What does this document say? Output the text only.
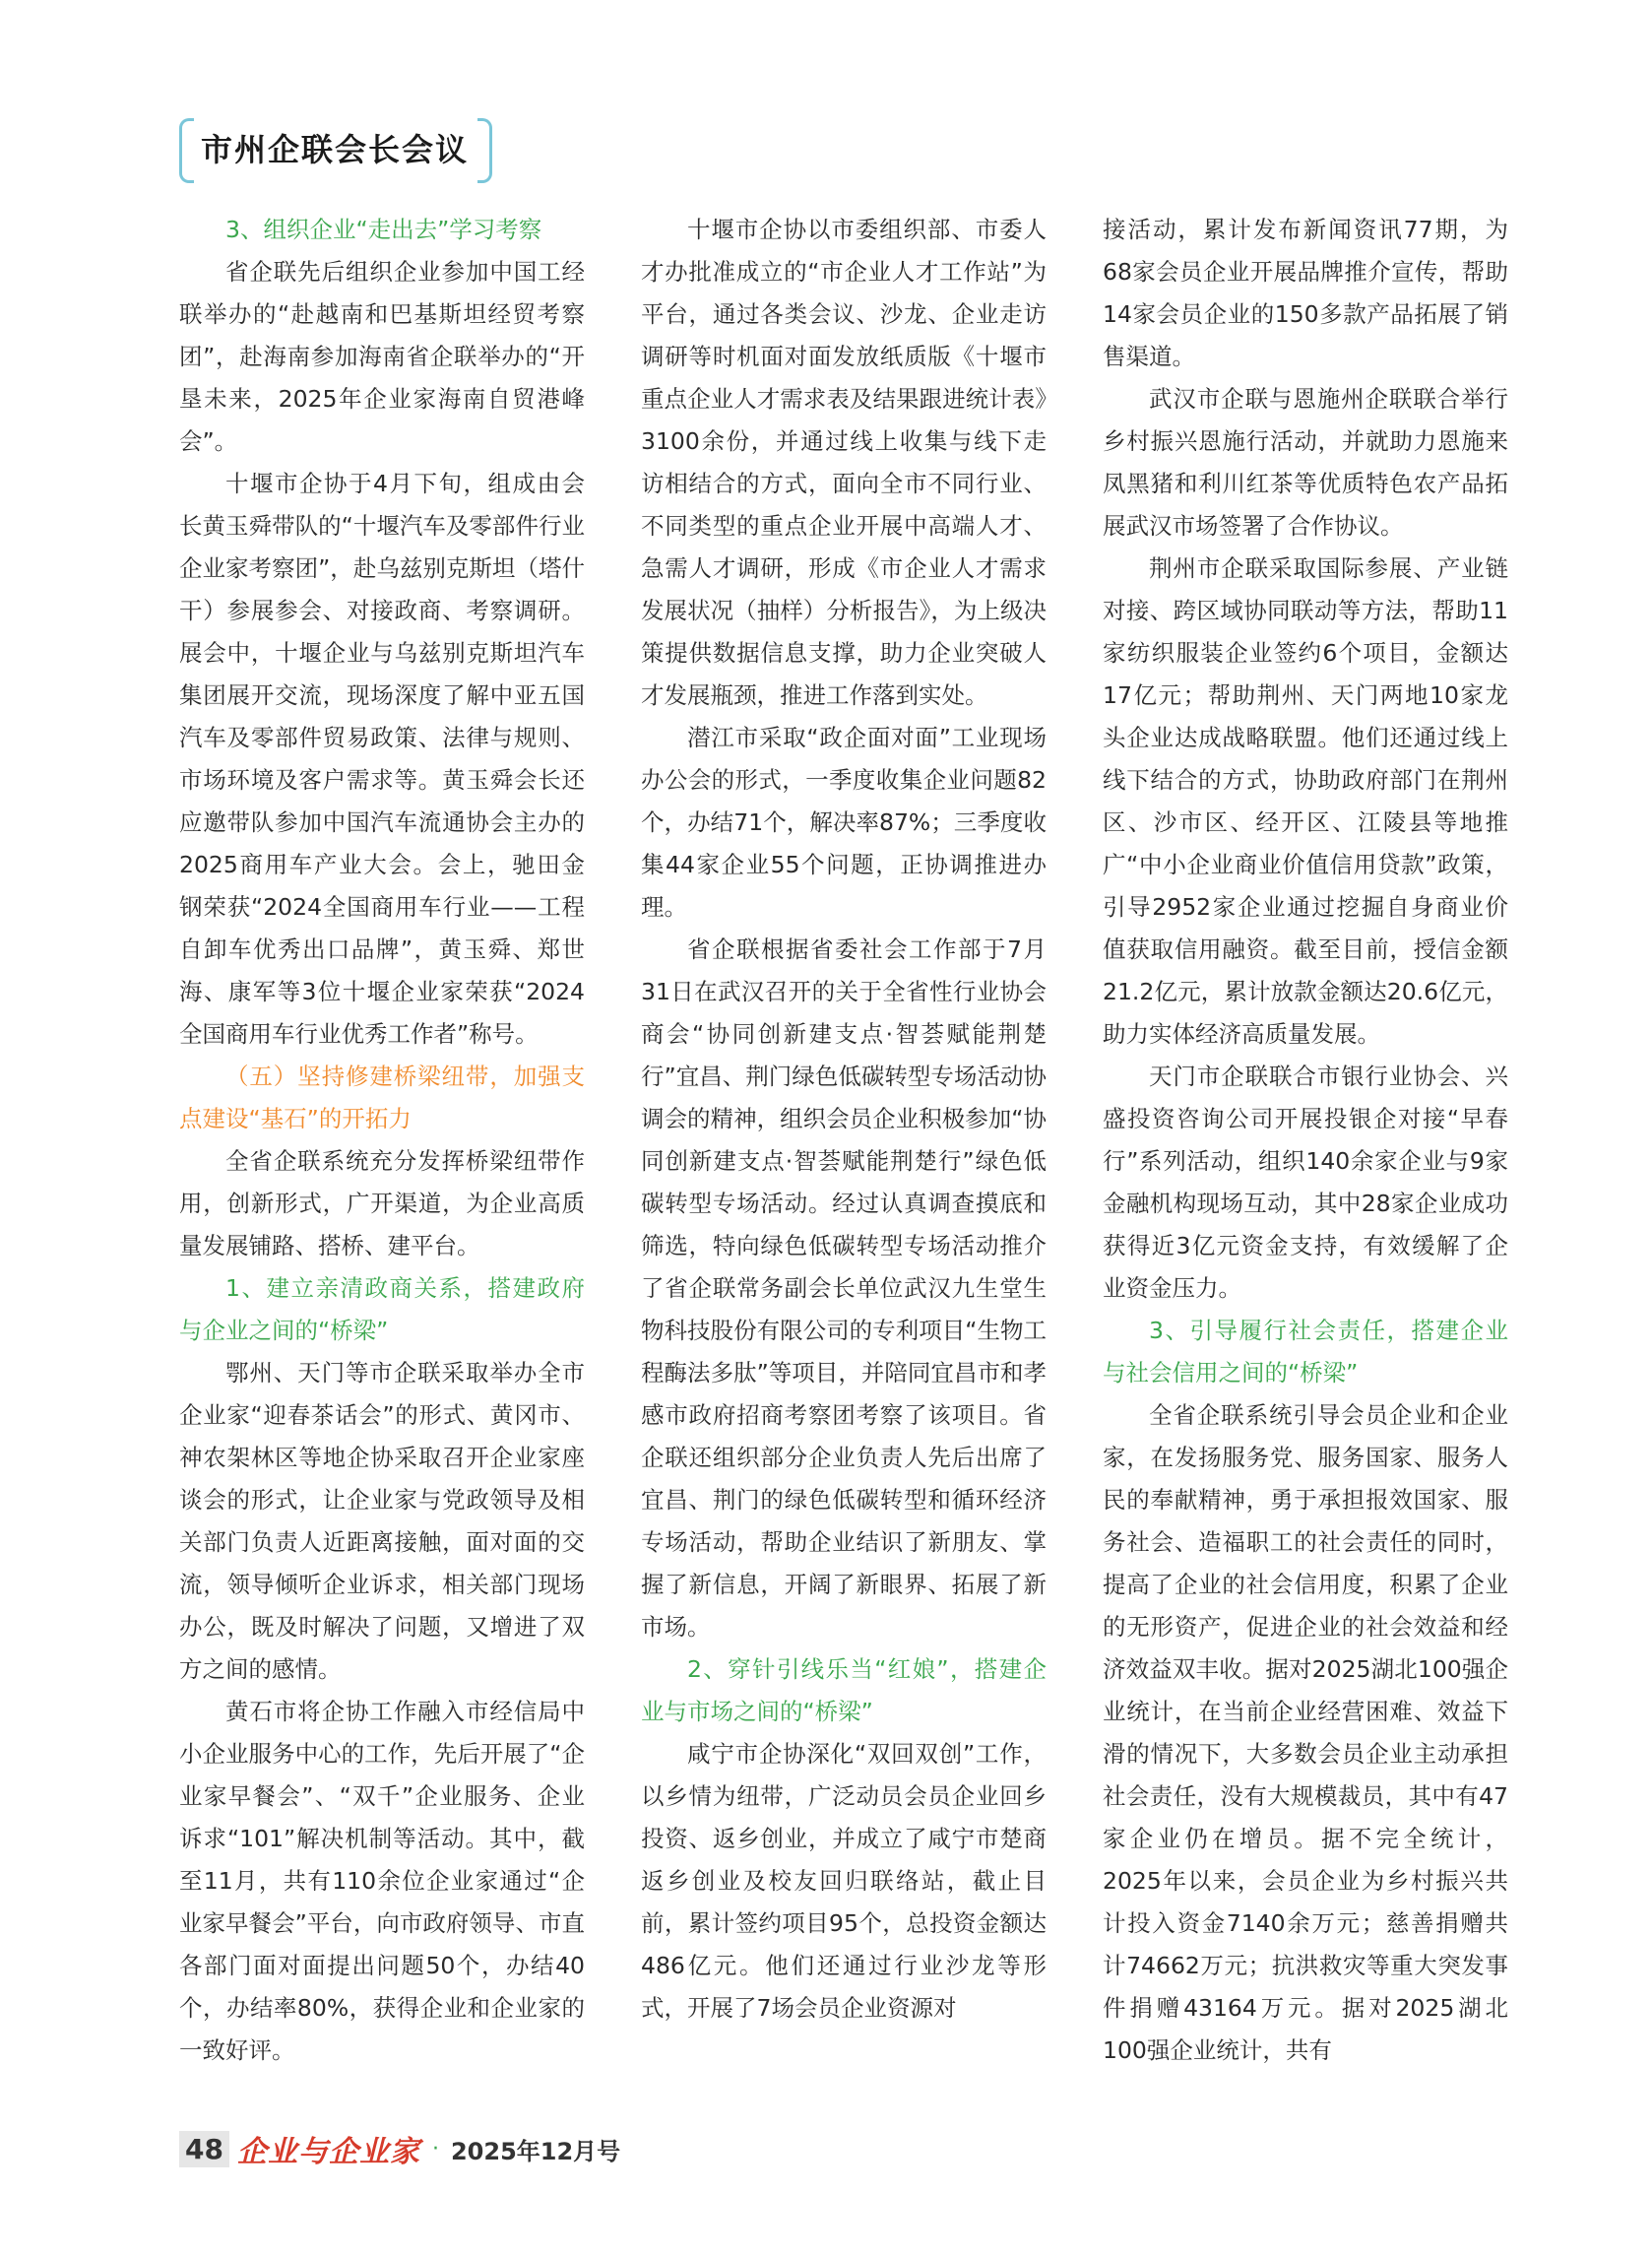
市州企联会长会议
3、组织企业“走出去”学习考察

省企联先后组织企业参加中国工经联举办的“赴越南和巴基斯坦经贸考察团”，赴海南参加海南省企联举办的“开垦未来，2025年企业家海南自贸港峰会”。

十堰市企协于4月下旬，组成由会长黄玉舜带队的“十堰汽车及零部件行业企业家考察团”，赴乌兹别克斯坦（塔什干）参展参会、对接政商、考察调研。展会中，十堰企业与乌兹别克斯坦汽车集团展开交流，现场深度了解中亚五国汽车及零部件贸易政策、法律与规则、市场环境及客户需求等。黄玉舜会长还应邀带队参加中国汽车流通协会主办的2025商用车产业大会。会上，驰田金钢荣获“2024全国商用车行业——工程自卸车优秀出口品牌”，黄玉舜、郑世海、康军等3位十堰企业家荣获“2024全国商用车行业优秀工作者”称号。

（五）坚持修建桥梁纽带，加强支点建设“基石”的开拓力

全省企联系统充分发挥桥梁纽带作用，创新形式，广开渠道，为企业高质量发展铺路、搭桥、建平台。

1、建立亲清政商关系，搭建政府与企业之间的“桥梁”

鄂州、天门等市企联采取举办全市企业家“迎春茶话会”的形式、黄冈市、神农架林区等地企协采取召开企业家座谈会的形式，让企业家与党政领导及相关部门负责人近距离接触，面对面的交流，领导倾听企业诉求，相关部门现场办公，既及时解决了问题，又增进了双方之间的感情。

黄石市将企协工作融入市经信局中小企业服务中心的工作，先后开展了“企业家早餐会”、“双千”企业服务、企业诉求“101”解决机制等活动。其中，截至11月，共有110余位企业家通过“企业家早餐会”平台，向市政府领导、市直各部门面对面提出问题50个，办结40个，办结率80%，获得企业和企业家的一致好评。

十堰市企协以市委组织部、市委人才办批准成立的“市企业人才工作站”为平台，通过各类会议、沙龙、企业走访调研等时机面对面发放纸质版《十堰市重点企业人才需求表及结果跟进统计表》3100余份，并通过线上收集与线下走访相结合的方式，面向全市不同行业、不同类型的重点企业开展中高端人才、急需人才调研，形成《市企业人才需求发展状况（抽样）分析报告》，为上级决策提供数据信息支撑，助力企业突破人才发展瓶颈，推进工作落到实处。

潜江市采取“政企面对面”工业现场办公会的形式，一季度收集企业问题82个，办结71个，解决率87%；三季度收集44家企业55个问题，正协调推进办理。

省企联根据省委社会工作部于7月31日在武汉召开的关于全省性行业协会商会“协同创新建支点·智荟赋能荆楚行”宜昌、荆门绿色低碳转型专场活动协调会的精神，组织会员企业积极参加“协同创新建支点·智荟赋能荆楚行”绿色低碳转型专场活动。经过认真调查摸底和筛选，特向绿色低碳转型专场活动推介了省企联常务副会长单位武汉九生堂生物科技股份有限公司的专利项目“生物工程酶法多肽”等项目，并陪同宜昌市和孝感市政府招商考察团考察了该项目。省企联还组织部分企业负责人先后出席了宜昌、荆门的绿色低碳转型和循环经济专场活动，帮助企业结识了新朋友、掌握了新信息，开阔了新眼界、拓展了新市场。

2、穿针引线乐当“红娘”，搭建企业与市场之间的“桥梁”

咸宁市企协深化“双回双创”工作，以乡情为纽带，广泛动员会员企业回乡投资、返乡创业，并成立了咸宁市楚商返乡创业及校友回归联络站，截止目前，累计签约项目95个，总投资金额达486亿元。他们还通过行业沙龙等形式，开展了7场会员企业资源对

接活动，累计发布新闻资讯77期，为68家会员企业开展品牌推介宣传，帮助14家会员企业的150多款产品拓展了销售渠道。

武汉市企联与恩施州企联联合举行乡村振兴恩施行活动，并就助力恩施来凤黑猪和利川红茶等优质特色农产品拓展武汉市场签署了合作协议。

荆州市企联采取国际参展、产业链对接、跨区域协同联动等方法，帮助11家纺织服装企业签约6个项目，金额达17亿元；帮助荆州、天门两地10家龙头企业达成战略联盟。他们还通过线上线下结合的方式，协助政府部门在荆州区、沙市区、经开区、江陵县等地推广“中小企业商业价值信用贷款”政策，引导2952家企业通过挖掘自身商业价值获取信用融资。截至目前，授信金额21.2亿元，累计放款金额达20.6亿元，助力实体经济高质量发展。

天门市企联联合市银行业协会、兴盛投资咨询公司开展投银企对接“早春行”系列活动，组织140余家企业与9家金融机构现场互动，其中28家企业成功获得近3亿元资金支持，有效缓解了企业资金压力。

3、引导履行社会责任，搭建企业与社会信用之间的“桥梁”

全省企联系统引导会员企业和企业家，在发扬服务党、服务国家、服务人民的奉献精神，勇于承担报效国家、服务社会、造福职工的社会责任的同时，提高了企业的社会信用度，积累了企业的无形资产，促进企业的社会效益和经济效益双丰收。据对2025湖北100强企业统计，在当前企业经营困难、效益下滑的情况下，大多数会员企业主动承担社会责任，没有大规模裁员，其中有47家企业仍在增员。据不完全统计，2025年以来，会员企业为乡村振兴共计投入资金7140余万元；慈善捐赠共计74662万元；抗洪救灾等重大突发事件捐赠43164万元。据对2025湖北100强企业统计，共有

48 企业与企业家 · 2025年12月号
